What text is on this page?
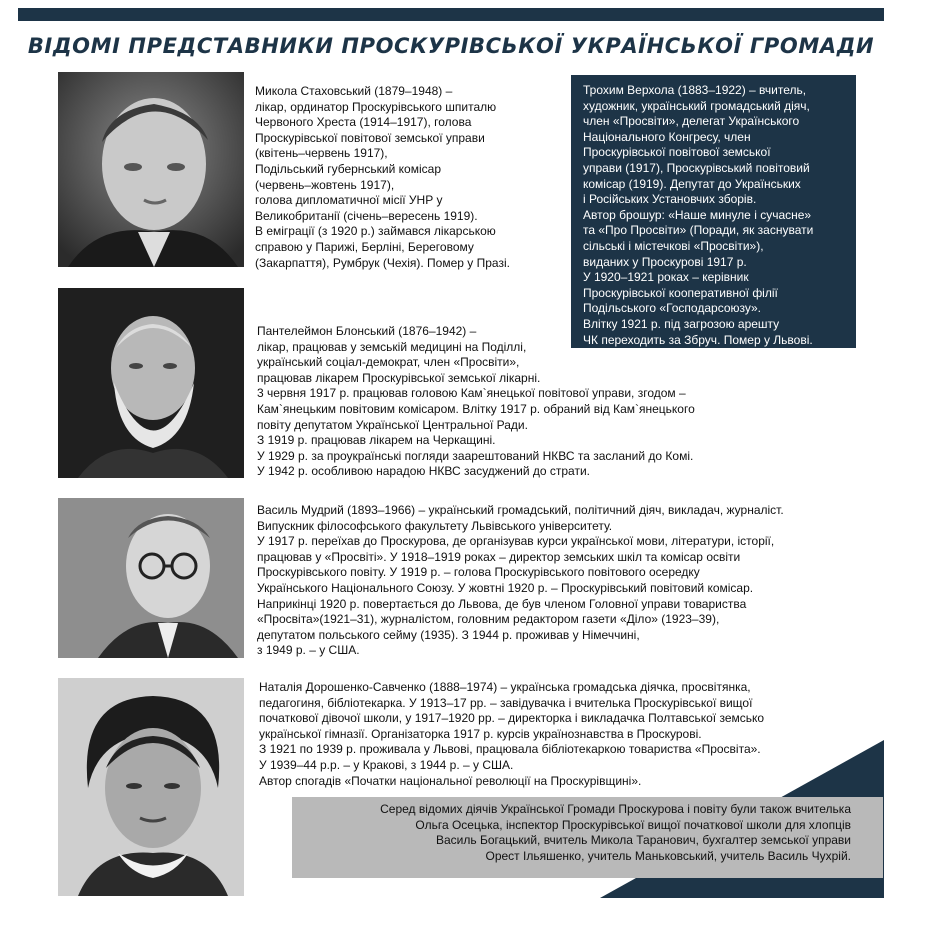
ВІДОМІ ПРЕДСТАВНИКИ ПРОСКУРІВСЬКОЇ УКРАЇНСЬКОЇ ГРОМАДИ

Трохим Верхола (1883–1922) – вчитель,
художник, український громадський діяч,
член «Просвіти», делегат Українського
Національного Конгресу, член
Проскурівської повітової земської
управи (1917), Проскурівський повітовий
комісар (1919). Депутат до Українських
і Російських Установчих зборів.
Автор брошур: «Наше минуле і сучасне»
та «Про Просвіти» (Поради, як заснувати
сільські і містечкові «Просвіти»),
виданих у Проскурові 1917 р.
У 1920–1921 роках – керівник
Проскурівської кооперативної філії
Подільського «Господарсоюзу».
Влітку 1921 р. під загрозою арешту
ЧК переходить за Збруч. Помер у Львові.

Микола Стаховський (1879–1948) –
лікар, ординатор Проскурівського шпиталю
Червоного Хреста (1914–1917), голова
Проскурівської повітової земської управи
(квітень–червень 1917),
Подільський губернський комісар
(червень–жовтень 1917),
голова дипломатичної місії УНР у
Великобританії (січень–вересень 1919).
В еміграції (з 1920 р.) займався лікарською
справою у Парижі, Берліні, Береговому
(Закарпаття), Румбрук (Чехія). Помер у Празі.

Пантелеймон Блонський (1876–1942) –
лікар, працював у земській медицині на Поділлі,
український соціал-демократ, член «Просвіти»,
працював лікарем Проскурівської земської лікарні.
3 червня 1917 р. працював головою Кам`янецької повітової управи, згодом –
Кам`янецьким повітовим комісаром. Влітку 1917 р. обраний від Кам`янецького
повіту депутатом Української Центральної Ради.
З 1919 р. працював лікарем на Черкащині.
У 1929 р. за проукраїнські погляди заарештований НКВС та засланий до Комі.
У 1942 р. особливою нарадою НКВС засуджений до страти.

Василь Мудрий (1893–1966) – український громадський, політичний діяч, викладач, журналіст.
Випускник філософського факультету Львівського університету.
У 1917 р. переїхав до Проскурова, де організував курси української мови, літератури, історії,
працював у «Просвіті». У 1918–1919 роках – директор земських шкіл та комісар освіти
Проскурівського повіту. У 1919 р. – голова Проскурівського повітового осередку
Українського Національного Союзу. У жовтні 1920 р. – Проскурівський повітовий комісар.
Наприкінці 1920 р. повертається до Львова, де був членом Головної управи товариства
«Просвіта»(1921–31), журналістом, головним редактором газети «Діло» (1923–39),
депутатом польського сейму (1935). З 1944 р. проживав у Німеччині,
з 1949 р. – у США.

Наталія Дорошенко-Савченко (1888–1974) – українська громадська діячка, просвітянка,
педагогиня, бібліотекарка. У 1913–17 рр. – завідувачка і вчителька Проскурівської вищої
початкової дівочої школи, у 1917–1920 рр. – директорка і викладачка Полтавської земсько
української гімназії. Організаторка 1917 р. курсів українознавства в Проскурові.
З 1921 по 1939 р. проживала у Львові, працювала бібліотекаркою товариства «Просвіта».
У 1939–44 р.р. – у Кракові, з 1944 р. – у США.
Автор спогадів «Початки національної революції на Проскурівщині».

Серед відомих діячів Української Громади Проскурова і повіту були також вчителька
Ольга Осецька, інспектор Проскурівської вищої початкової школи для хлопців
Василь Богацький, вчитель Микола Таранович, бухгалтер земської управи
Орест Ільяшенко, учитель Маньковський, учитель Василь Чухрій.
